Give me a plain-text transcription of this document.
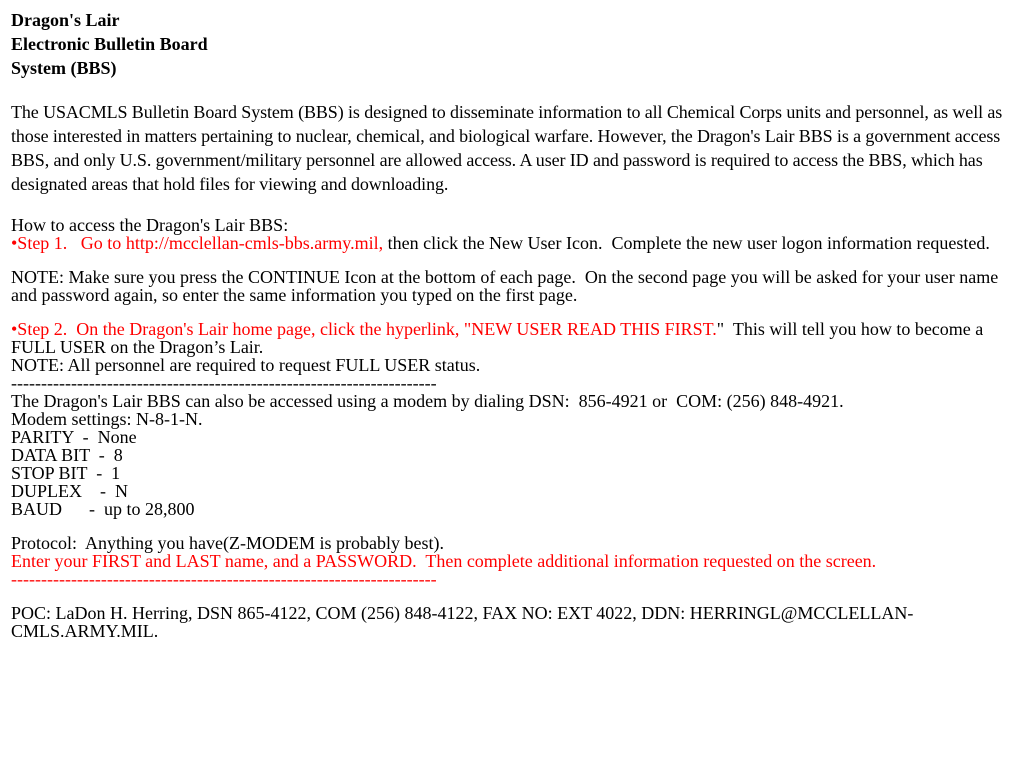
Dragon's Lair
Electronic Bulletin Board
System (BBS)
The USACMLS Bulletin Board System (BBS) is designed to disseminate information to all Chemical Corps units and personnel, as well as those interested in matters pertaining to nuclear, chemical, and biological warfare. However, the Dragon's Lair BBS is a government access BBS, and only U.S. government/military personnel are allowed access. A user ID and password is required to access the BBS, which has designated areas that hold files for viewing and downloading.
How to access the Dragon's Lair BBS:
•Step 1.   Go to http://mcclellan-cmls-bbs.army.mil, then click the New User Icon.  Complete the new user logon information requested.
NOTE: Make sure you press the CONTINUE Icon at the bottom of each page.  On the second page you will be asked for your user name and password again, so enter the same information you typed on the first page.
•Step 2.  On the Dragon's Lair home page, click the hyperlink, "NEW USER READ THIS FIRST."  This will tell you how to become a FULL USER on the Dragon’s Lair.
NOTE: All personnel are required to request FULL USER status.
-----------------------------------------------------------------------
The Dragon's Lair BBS can also be accessed using a modem by dialing DSN:  856-4921 or  COM: (256) 848-4921.
Modem settings: N-8-1-N.
PARITY  -  None
DATA BIT  -  8
STOP BIT  -  1
DUPLEX    -  N
BAUD      -  up to 28,800
Protocol:  Anything you have(Z-MODEM is probably best).
Enter your FIRST and LAST name, and a PASSWORD.  Then complete additional information requested on the screen.
-----------------------------------------------------------------------
POC: LaDon H. Herring, DSN 865-4122, COM (256) 848-4122, FAX NO: EXT 4022, DDN: HERRINGL@MCCLELLAN-CMLS.ARMY.MIL.
